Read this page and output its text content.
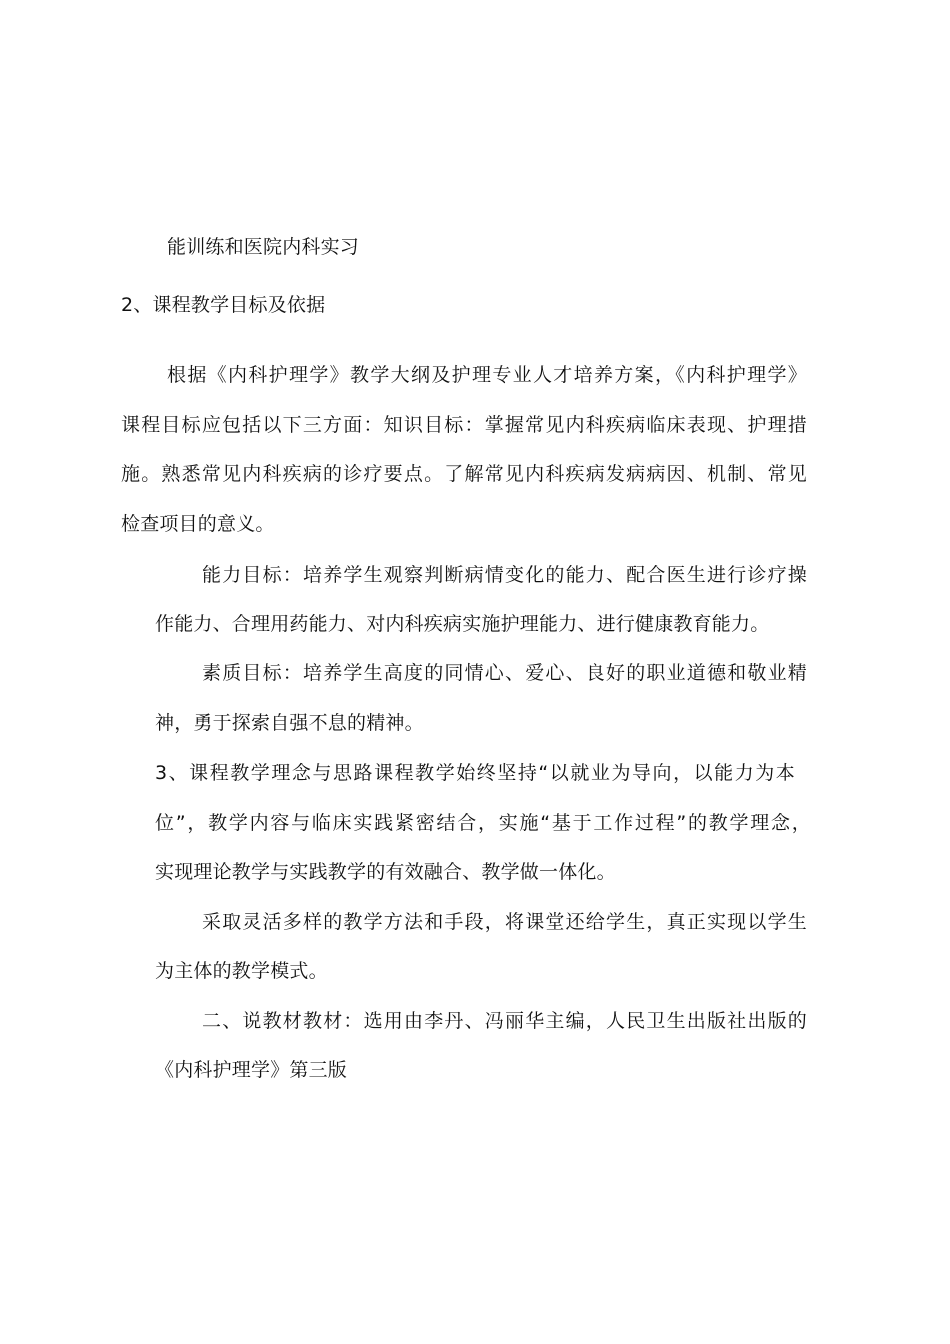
能训练和医院内科实习
2、课程教学目标及依据
根据《内科护理学》教学大纲及护理专业人才培养方案，《内科护理学》
课程目标应包括以下三方面：知识目标：掌握常见内科疾病临床表现、护理措
施。熟悉常见内科疾病的诊疗要点。了解常见内科疾病发病病因、机制、常见
检查项目的意义。
能力目标：培养学生观察判断病情变化的能力、配合医生进行诊疗操
作能力、合理用药能力、对内科疾病实施护理能力、进行健康教育能力。
素质目标：培养学生高度的同情心、爱心、良好的职业道德和敬业精
神，勇于探索自强不息的精神。
3、课程教学理念与思路课程教学始终坚持“以就业为导向，以能力为本
位”，教学内容与临床实践紧密结合，实施“基于工作过程”的教学理念，
实现理论教学与实践教学的有效融合、教学做一体化。
采取灵活多样的教学方法和手段，将课堂还给学生，真正实现以学生
为主体的教学模式。
二、说教材教材：选用由李丹、冯丽华主编，人民卫生出版社出版的
《内科护理学》第三版
